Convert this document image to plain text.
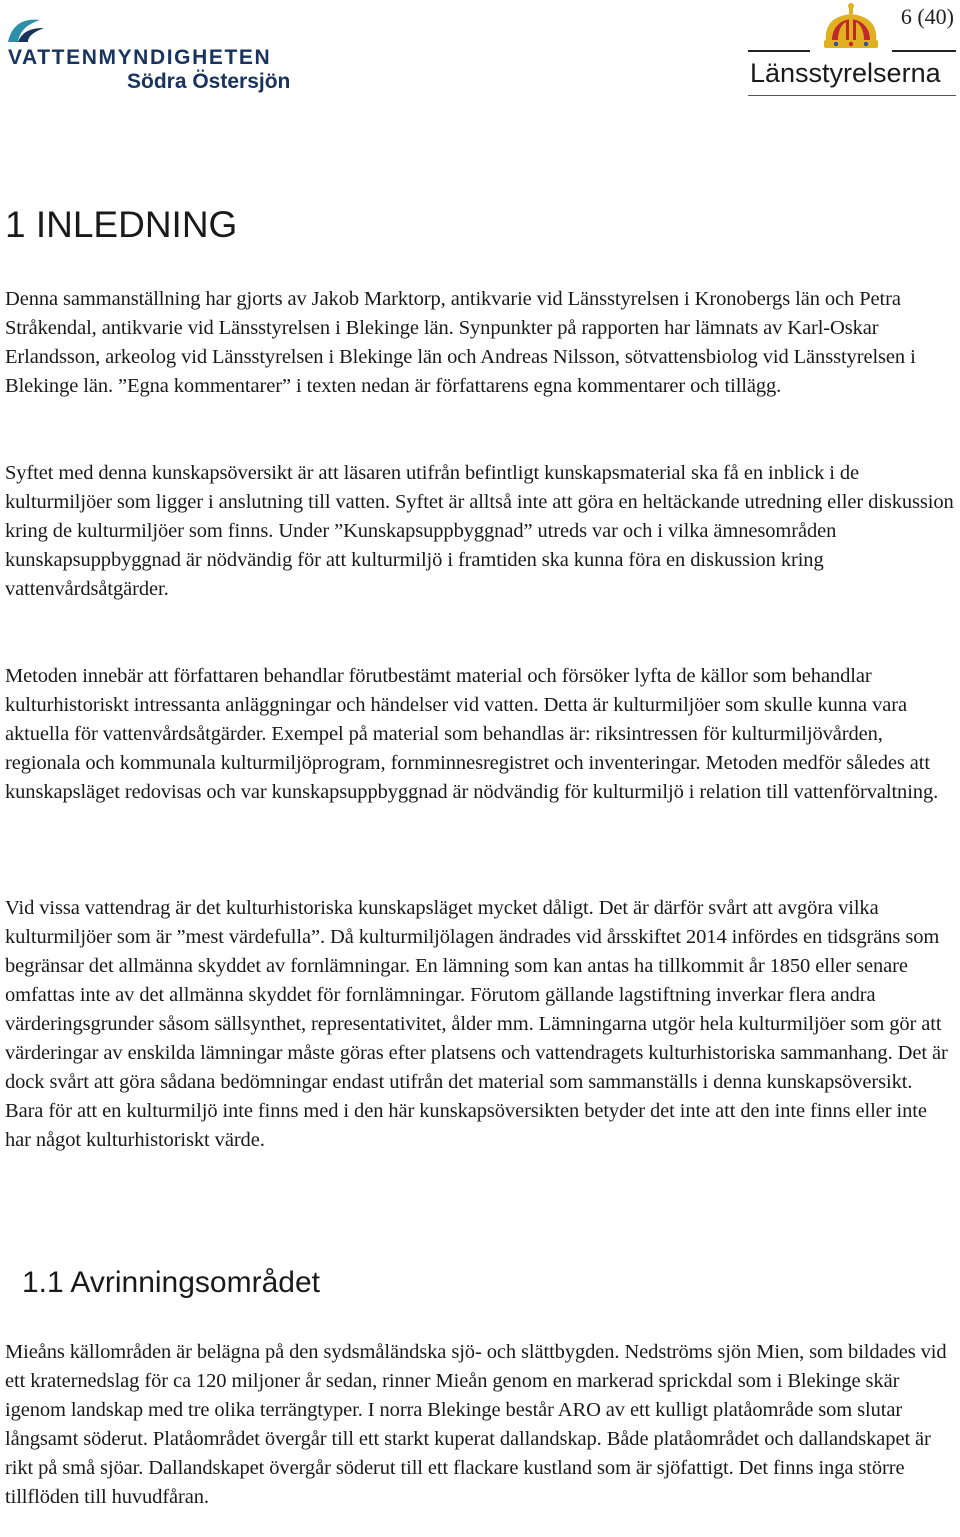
VATTENMYNDIGHETEN
Södra Östersjön
6 (40)
Länsstyrelserna
1 INLEDNING

Denna sammanställning har gjorts av Jakob Marktorp, antikvarie vid Länsstyrelsen i Kronobergs län och Petra Stråkendal, antikvarie vid Länsstyrelsen i Blekinge län. Synpunkter på rapporten har lämnats av Karl-Oskar Erlandsson, arkeolog vid Länsstyrelsen i Blekinge län och Andreas Nilsson, sötvattensbiolog vid Länsstyrelsen i Blekinge län. ”Egna kommentarer” i texten nedan är författarens egna kommentarer och tillägg.

Syftet med denna kunskapsöversikt är att läsaren utifrån befintligt kunskapsmaterial ska få en inblick i de kulturmiljöer som ligger i anslutning till vatten. Syftet är alltså inte att göra en heltäckande utredning eller diskussion kring de kulturmiljöer som finns. Under ”Kunskapsuppbyggnad” utreds var och i vilka ämnesområden kunskapsuppbyggnad är nödvändig för att kulturmiljö i framtiden ska kunna föra en diskussion kring vattenvårdsåtgärder.

Metoden innebär att författaren behandlar förutbestämt material och försöker lyfta de källor som behandlar kulturhistoriskt intressanta anläggningar och händelser vid vatten. Detta är kulturmiljöer som skulle kunna vara aktuella för vattenvårdsåtgärder. Exempel på material som behandlas är: riksintressen för kulturmiljövården, regionala och kommunala kulturmiljöprogram, fornminnesregistret och inventeringar. Metoden medför således att kunskapsläget redovisas och var kunskapsuppbyggnad är nödvändig för kulturmiljö i relation till vattenförvaltning.

Vid vissa vattendrag är det kulturhistoriska kunskapsläget mycket dåligt. Det är därför svårt att avgöra vilka kulturmiljöer som är ”mest värdefulla”. Då kulturmiljölagen ändrades vid årsskiftet 2014 infördes en tidsgräns som begränsar det allmänna skyddet av fornlämningar. En lämning som kan antas ha tillkommit år 1850 eller senare omfattas inte av det allmänna skyddet för fornlämningar. Förutom gällande lagstiftning inverkar flera andra värderingsgrunder såsom sällsynthet, representativitet, ålder mm. Lämningarna utgör hela kulturmiljöer som gör att värderingar av enskilda lämningar måste göras efter platsens och vattendragets kulturhistoriska sammanhang. Det är dock svårt att göra sådana bedömningar endast utifrån det material som sammanställs i denna kunskapsöversikt. Bara för att en kulturmiljö inte finns med i den här kunskapsöversikten betyder det inte att den inte finns eller inte har något kulturhistoriskt värde.

1.1 Avrinningsområdet

Mieåns källområden är belägna på den sydsmåländska sjö- och slättbygden. Nedströms sjön Mien, som bildades vid ett kraternedslag för ca 120 miljoner år sedan, rinner Mieån genom en markerad sprickdal som i Blekinge skär igenom landskap med tre olika terrängtyper. I norra Blekinge består ARO av ett kulligt platåområde som slutar långsamt söderut. Platåområdet övergår till ett starkt kuperat dallandskap. Både platåområdet och dallandskapet är rikt på små sjöar. Dallandskapet övergår söderut till ett flackare kustland som är sjöfattigt. Det finns inga större tillflöden till huvudfåran.
